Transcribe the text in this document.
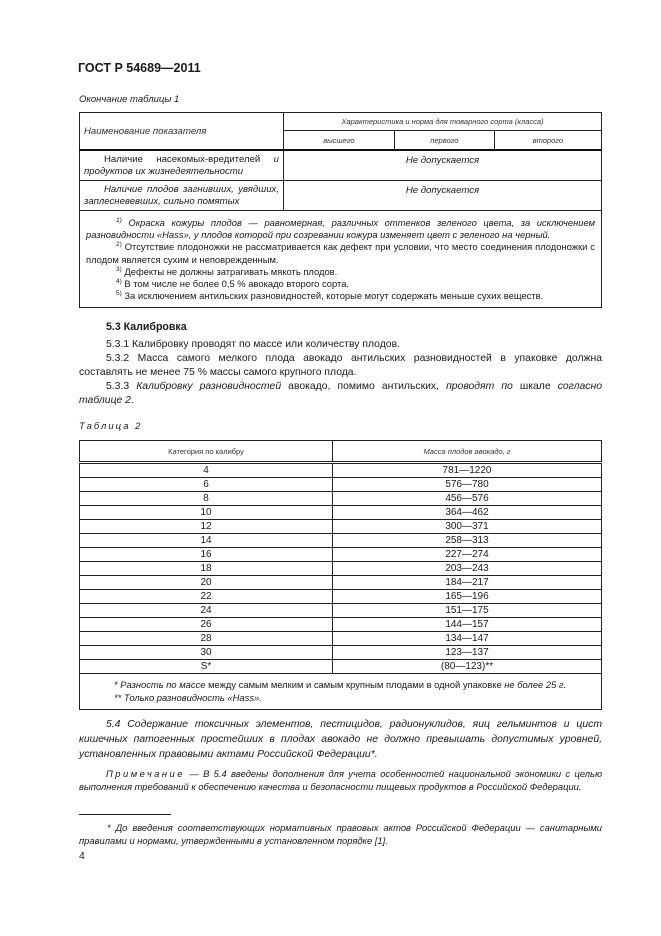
ГОСТ Р 54689—2011
Окончание таблицы 1
Наименование показателя	Характеристика и норма для товарного сорта (класса)		
	высшего	первого	второго

Наличие насекомых-вредителей и продуктов их жизнедеятельности	Не допускается		

Наличие плодов загнивших, увядших, заплесневевших, сильно помятых	Не допускается		

$^{1)}$ Окраска кожуры плодов — равномерная, различных оттенков зеленого цвета, за исключением разновидности «Hass», у плодов которой при созревании кожура изменяет цвет с зеленого на черный.

$^{2)}$ Отсутствие плодоножки не рассматривается как дефект при условии, что место соединения плодоножки с плодом является сухим и неповрежденным.

$^{3)}$ Дефекты не должны затрагивать мякоть плодов.

$^{4)}$ В том числе не более 0,5 % авокадо второго сорта.

$^{5)}$ За исключением антильских разновидностей, которые могут содержать меньше сухих веществ.			

5.3 Калибровка

5.3.1 Калибровку проводят по массе или количеству плодов.

5.3.2 Масса самого мелкого плода авокадо антильских разновидностей в упаковке должна составлять не менее 75 % массы самого крупного плода.

5.3.3 Калибровку разновидностей авокадо, помимо антильских, проводят по шкале согласно таблице 2.

Таблица 2
Категория по калибру	Масса плодов авокадо, г
4	781—1220
6	576—780
8	456—576
10	364—462
12	300—371
14	258—313
16	227—274
18	203—243
20	184—217
22	165—196
24	151—175
26	144—157
28	134—147
30	123—137
S*	(80—123)**

* Разность по массе между самым мелким и самым крупным плодами в одной упаковке не более 25 г.
** Только разновидность «Hass».	

5.4 Содержание токсичных элементов, пестицидов, радионуклидов, яиц гельминтов и цист кишечных патогенных простейших в плодах авокадо не должно превышать допустимых уровней, установленных правовыми актами Российской Федерации*.

Примечание — В 5.4 введены дополнения для учета особенностей национальной экономики с целью выполнения требований к обеспечению качества и безопасности пищевых продуктов в Российской Федерации.

* До введения соответствующих нормативных правовых актов Российской Федерации — санитарными правилами и нормами, утвержденными в установленном порядке [1].

4
